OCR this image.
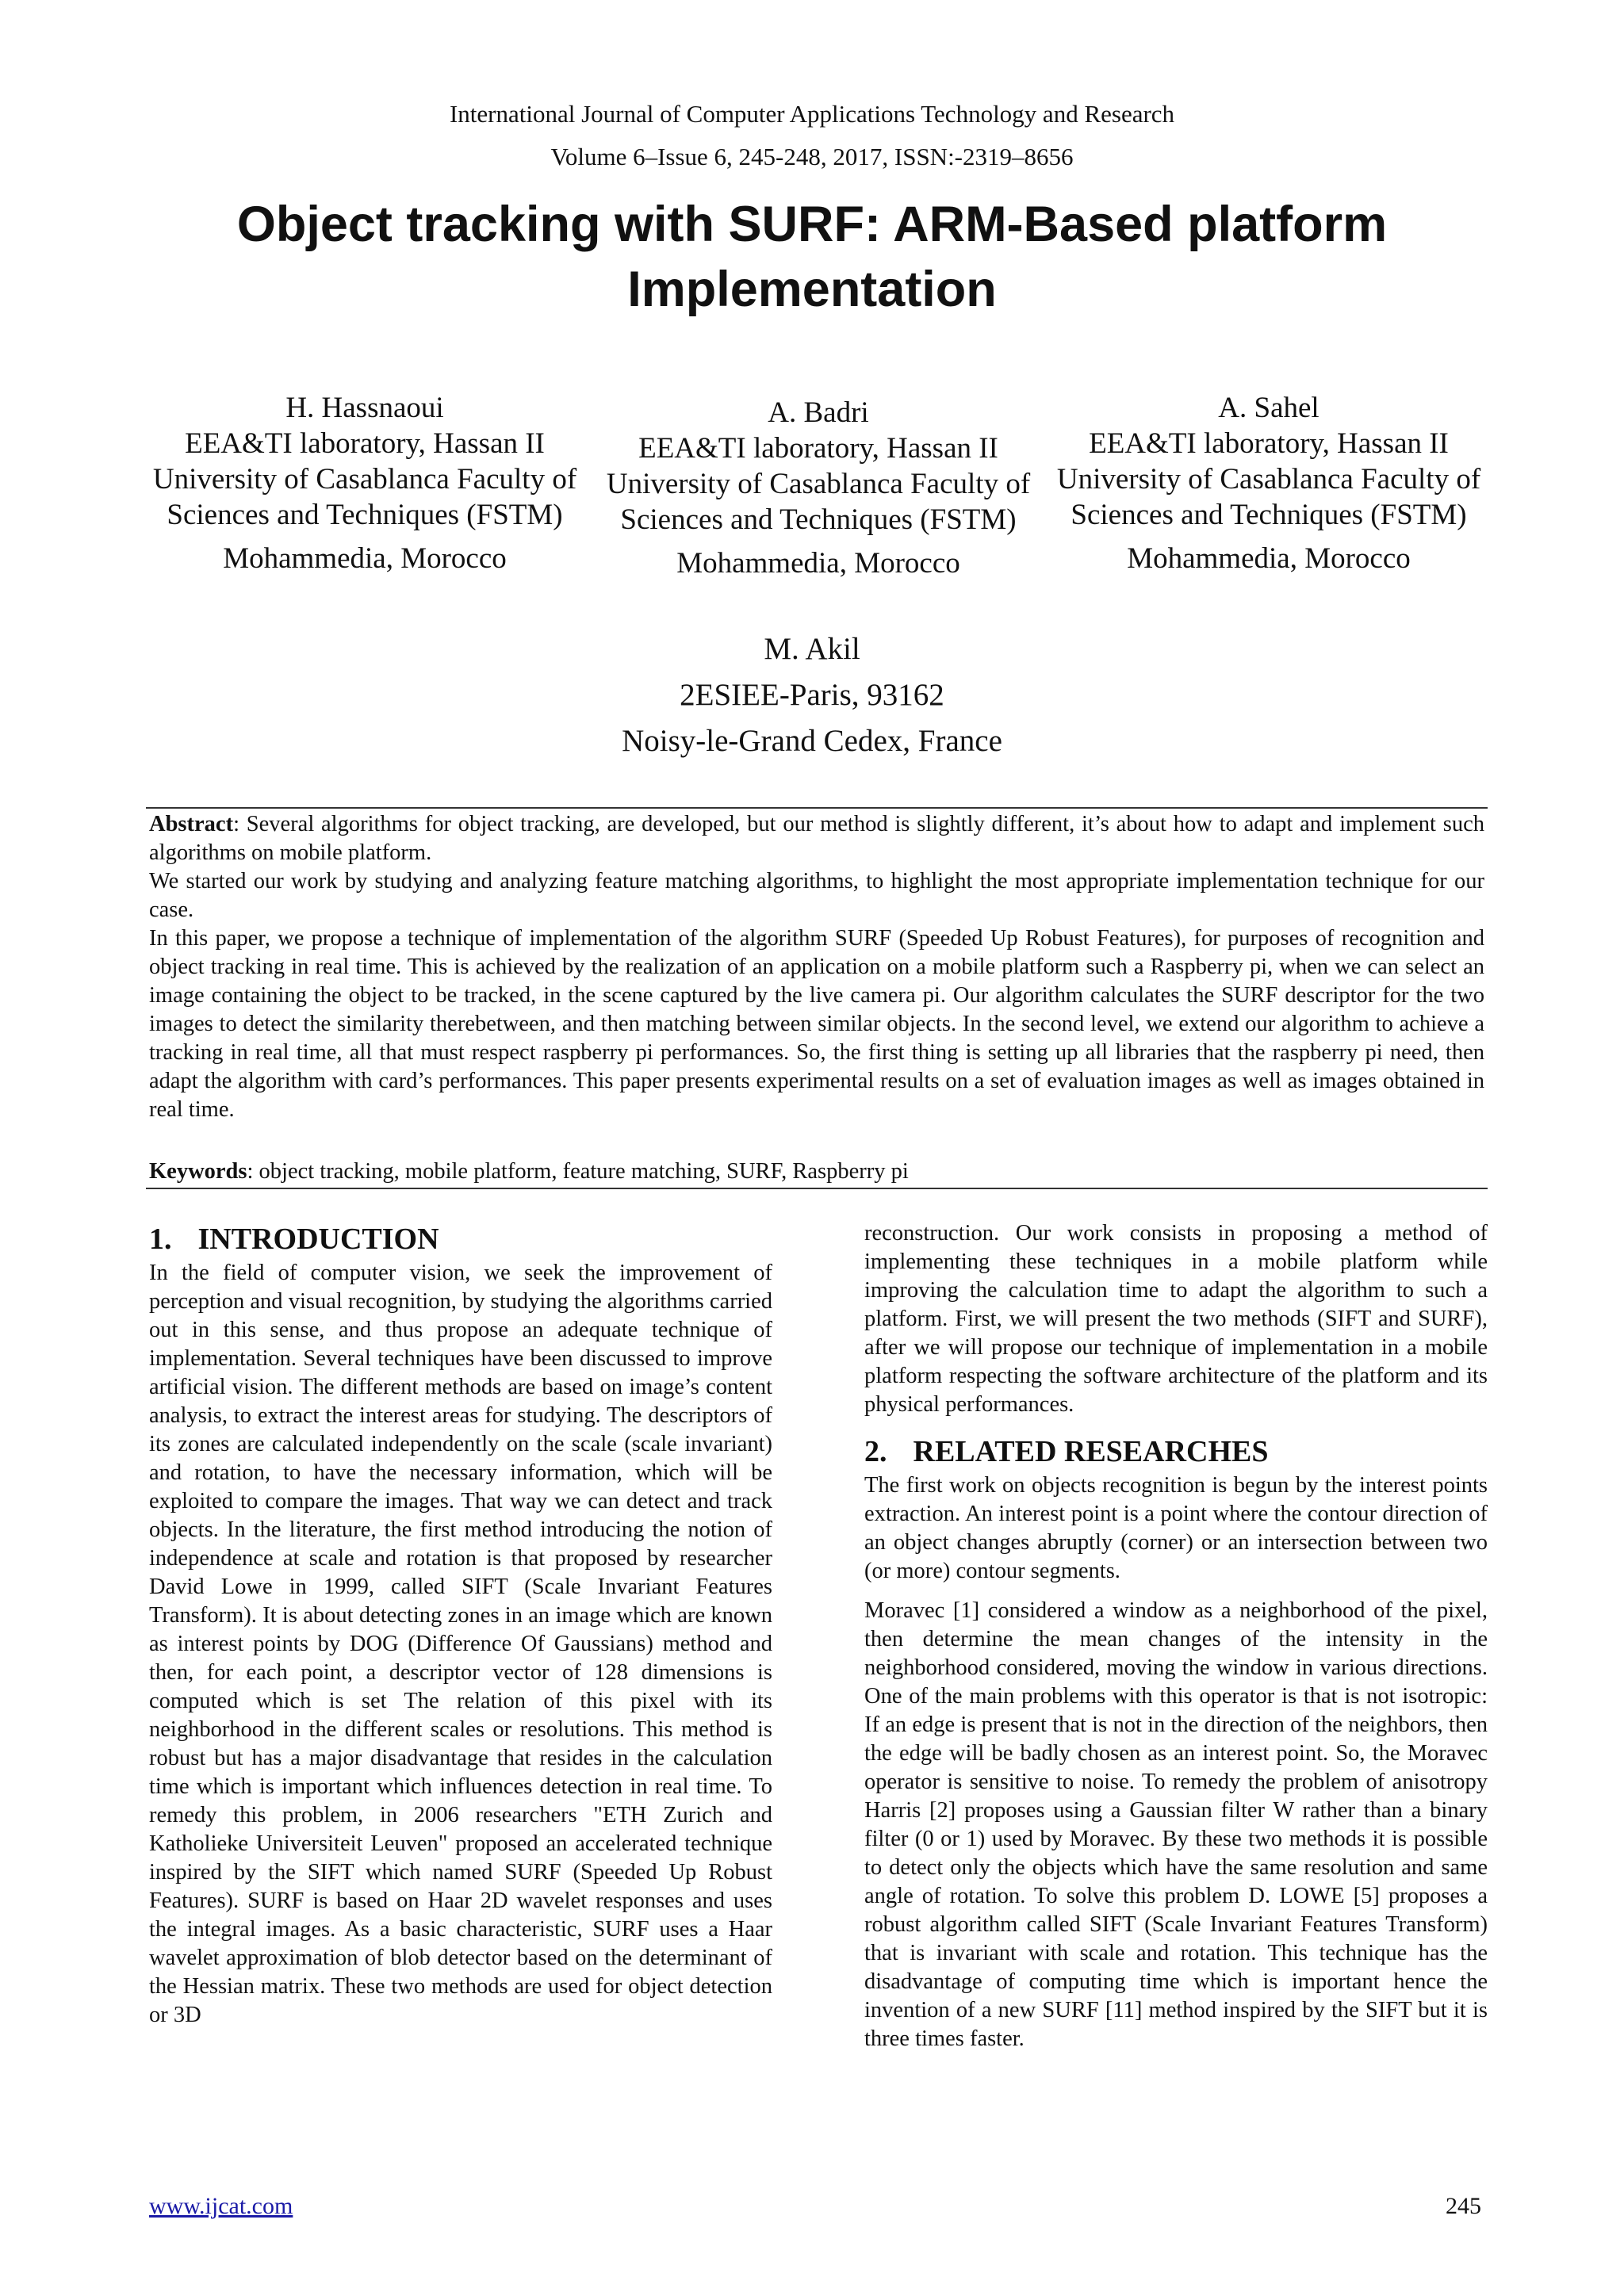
International Journal of Computer Applications Technology and Research
Volume 6–Issue 6, 245-248, 2017, ISSN:-2319–8656
Object tracking with SURF: ARM-Based platform Implementation
H. Hassnaoui
EEA&TI laboratory, Hassan II
University of Casablanca Faculty of
Sciences and Techniques (FSTM)
Mohammedia, Morocco
A. Badri
EEA&TI laboratory, Hassan II
University of Casablanca Faculty of
Sciences and Techniques (FSTM)
Mohammedia, Morocco
A. Sahel
EEA&TI laboratory, Hassan II
University of Casablanca Faculty of
Sciences and Techniques (FSTM)
Mohammedia, Morocco
M. Akil
2ESIEE-Paris, 93162
Noisy-le-Grand Cedex, France

Abstract: Several algorithms for object tracking, are developed, but our method is slightly different, it’s about how to adapt and implement such algorithms on mobile platform.

We started our work by studying and analyzing feature matching algorithms, to highlight the most appropriate implementation technique for our case.

In this paper, we propose a technique of implementation of the algorithm SURF (Speeded Up Robust Features), for purposes of recognition and object tracking in real time. This is achieved by the realization of an application on a mobile platform such a Raspberry pi, when we can select an image containing the object to be tracked, in the scene captured by the live camera pi. Our algorithm calculates the SURF descriptor for the two images to detect the similarity therebetween, and then matching between similar objects. In the second level, we extend our algorithm to achieve a tracking in real time, all that must respect raspberry pi performances. So, the first thing is setting up all libraries that the raspberry pi need, then adapt the algorithm with card’s performances. This paper presents experimental results on a set of evaluation images as well as images obtained in real time.

Keywords: object tracking, mobile platform, feature matching, SURF, Raspberry pi
1. INTRODUCTION

In the field of computer vision, we seek the improvement of perception and visual recognition, by studying the algorithms carried out in this sense, and thus propose an adequate technique of implementation. Several techniques have been discussed to improve artificial vision. The different methods are based on image’s content analysis, to extract the interest areas for studying. The descriptors of its zones are calculated independently on the scale (scale invariant) and rotation, to have the necessary information, which will be exploited to compare the images. That way we can detect and track objects. In the literature, the first method introducing the notion of independence at scale and rotation is that proposed by researcher David Lowe in 1999, called SIFT (Scale Invariant Features Transform). It is about detecting zones in an image which are known as interest points by DOG (Difference Of Gaussians) method and then, for each point, a descriptor vector of 128 dimensions is computed which is set The relation of this pixel with its neighborhood in the different scales or resolutions. This method is robust but has a major disadvantage that resides in the calculation time which is important which influences detection in real time. To remedy this problem, in 2006 researchers "ETH Zurich and Katholieke Universiteit Leuven" proposed an accelerated technique inspired by the SIFT which named SURF (Speeded Up Robust Features). SURF is based on Haar 2D wavelet responses and uses the integral images. As a basic characteristic, SURF uses a Haar wavelet approximation of blob detector based on the determinant of the Hessian matrix. These two methods are used for object detection or 3D

reconstruction. Our work consists in proposing a method of implementing these techniques in a mobile platform while improving the calculation time to adapt the algorithm to such a platform. First, we will present the two methods (SIFT and SURF), after we will propose our technique of implementation in a mobile platform respecting the software architecture of the platform and its physical performances.

2. RELATED RESEARCHES

The first work on objects recognition is begun by the interest points extraction. An interest point is a point where the contour direction of an object changes abruptly (corner) or an intersection between two (or more) contour segments.

Moravec [1] considered a window as a neighborhood of the pixel, then determine the mean changes of the intensity in the neighborhood considered, moving the window in various directions. One of the main problems with this operator is that is not isotropic: If an edge is present that is not in the direction of the neighbors, then the edge will be badly chosen as an interest point. So, the Moravec operator is sensitive to noise. To remedy the problem of anisotropy Harris [2] proposes using a Gaussian filter W rather than a binary filter (0 or 1) used by Moravec. By these two methods it is possible to detect only the objects which have the same resolution and same angle of rotation. To solve this problem D. LOWE [5] proposes a robust algorithm called SIFT (Scale Invariant Features Transform) that is invariant with scale and rotation. This technique has the disadvantage of computing time which is important hence the invention of a new SURF [11] method inspired by the SIFT but it is three times faster.

www.ijcat.com	245
